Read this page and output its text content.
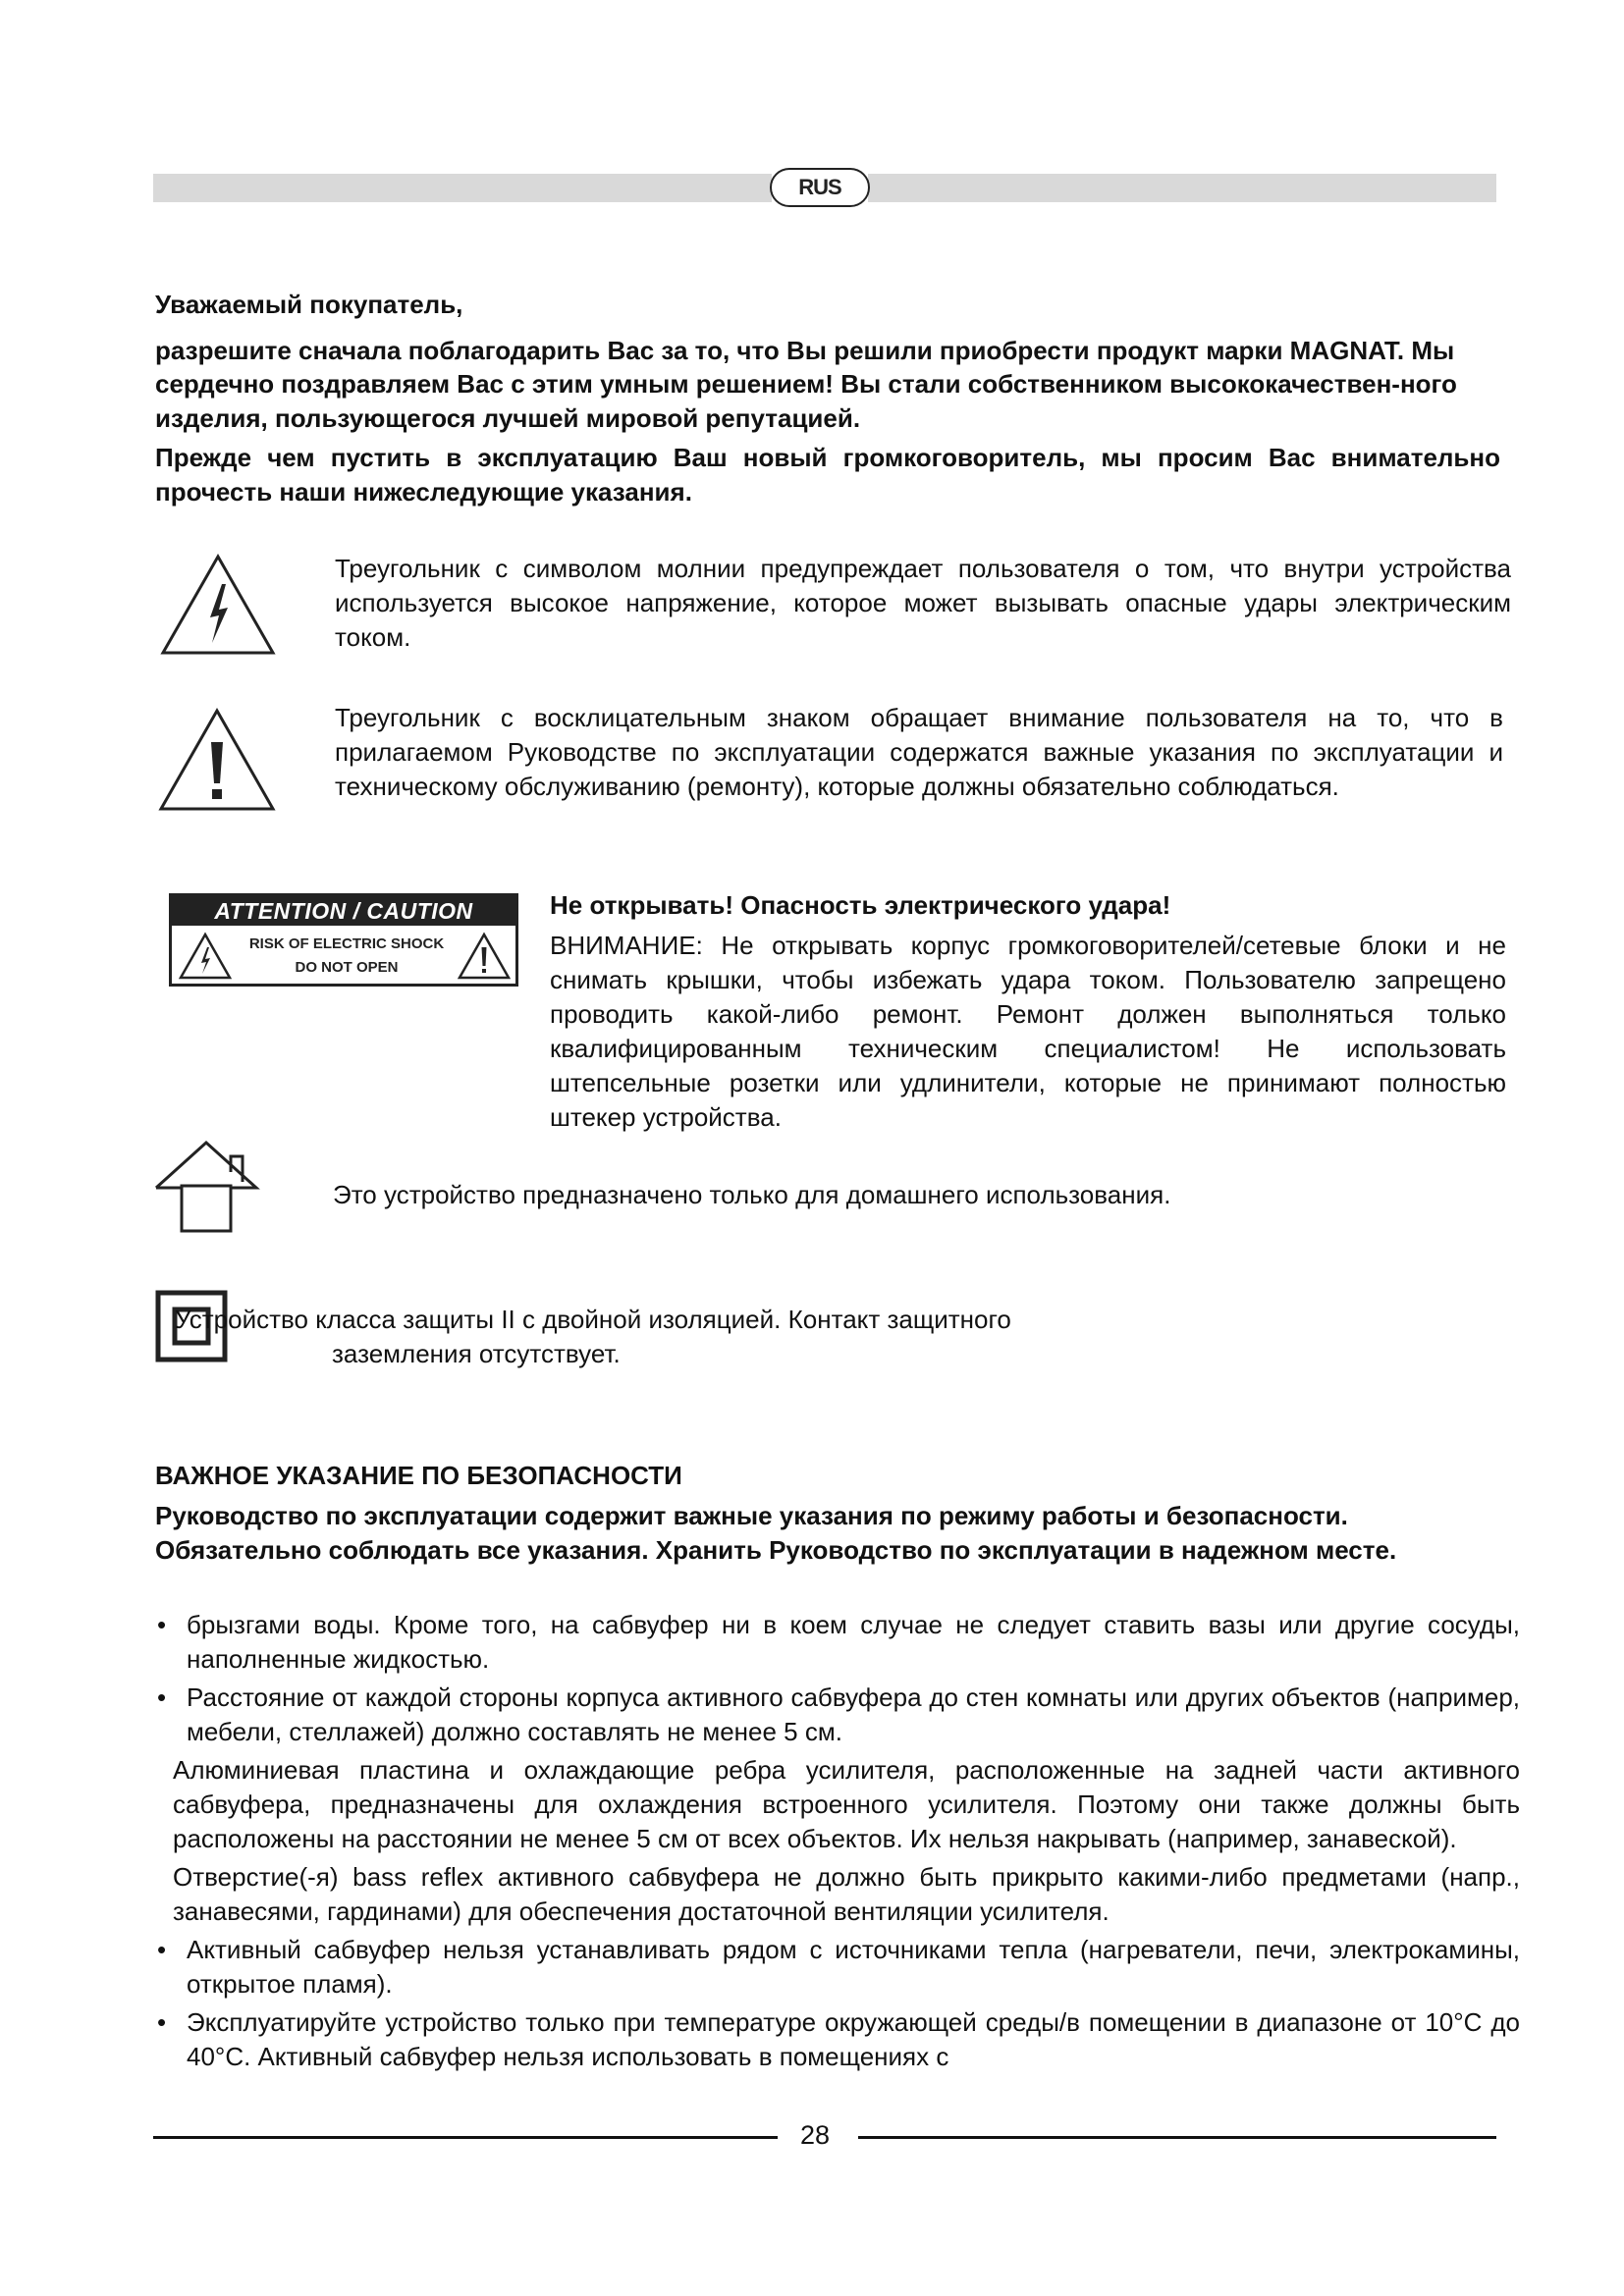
RUS

Уважаемый покупатель,

разрешите сначала поблагодарить Вас за то, что Вы решили приобрести продукт марки MAGNAT. Мы сердечно поздравляем Вас с этим умным решением! Вы стали собственником высококачествен-ного изделия, пользующегося лучшей мировой репутацией.

Прежде чем пустить в эксплуатацию Ваш новый громкоговоритель, мы просим Вас внимательно прочесть наши нижеследующие указания.

Треугольник с символом молнии предупреждает пользователя о том, что внутри устройства используется высокое напряжение, которое может вызывать опасные удары электрическим током.

Треугольник с восклицательным знаком обращает внимание пользователя на то, что в прилагаемом Руководстве по эксплуатации содержатся важные указания по эксплуатации и техническому обслуживанию (ремонту), которые должны обязательно соблюдаться.

ATTENTION / CAUTION
RISK OF ELECTRIC SHOCK
DO NOT OPEN

Не открывать! Опасность электрического удара!

ВНИМАНИЕ: Не открывать корпус громкоговорителей/сетевые блоки и не снимать крышки, чтобы избежать удара током. Пользователю запрещено проводить какой-либо ремонт. Ремонт должен выполняться только квалифицированным техническим специалистом! Не использовать штепсельные розетки или удлинители, которые не принимают полностью штекер устройства.

Это устройство предназначено только для домашнего использования.

Устройство класса защиты II с двойной изоляцией. Контакт защитного

заземления отсутствует.

ВАЖНОЕ УКАЗАНИЕ ПО БЕЗОПАСНОСТИ
Руководство по эксплуатации содержит важные указания по режиму работы и безопасности. Обязательно соблюдать все указания. Хранить Руководство по эксплуатации в надежном месте.
• брызгами воды. Кроме того, на сабвуфер ни в коем случае не следует ставить вазы или другие сосуды, наполненные жидкостью.
• Расстояние от каждой стороны корпуса активного сабвуфера до стен комнаты или других объектов (например, мебели, стеллажей) должно составлять не менее 5 см.
Алюминиевая пластина и охлаждающие ребра усилителя, расположенные на задней части активного сабвуфера, предназначены для охлаждения встроенного усилителя. Поэтому они также должны быть расположены на расстоянии не менее 5 см от всех объектов. Их нельзя накрывать (например, занавеской).
Отверстие(-я) bass reflex активного сабвуфера не должно быть прикрыто какими-либо предметами (напр., занавесями, гардинами) для обеспечения достаточной вентиляции усилителя.
• Активный сабвуфер нельзя устанавливать рядом с источниками тепла (нагреватели, печи, электрокамины, открытое пламя).
• Эксплуатируйте устройство только при температуре окружающей среды/в помещении в диапазоне от 10°C до 40°C. Активный сабвуфер нельзя использовать в помещениях с
28
